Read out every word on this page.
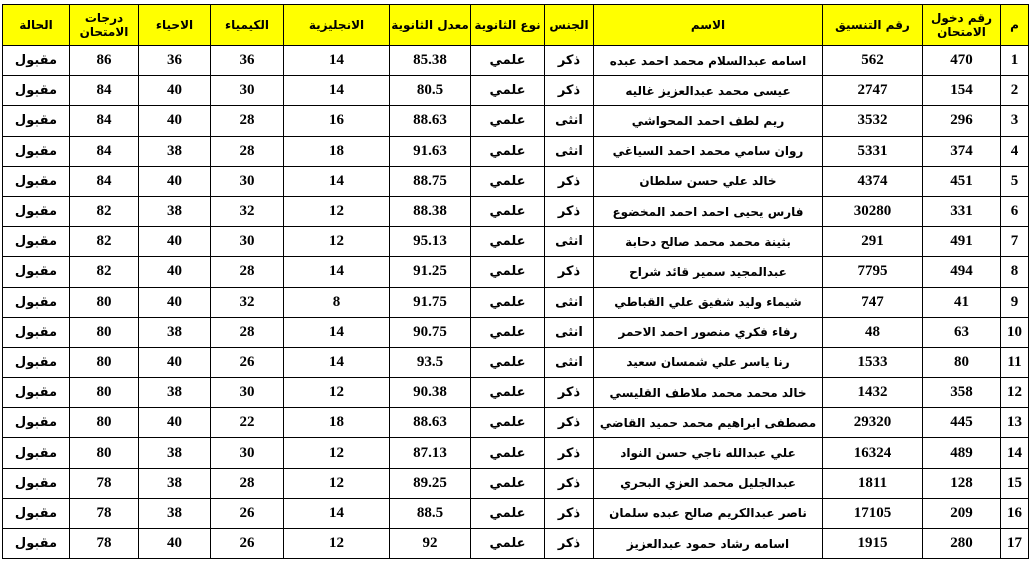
م	رقم دخول الامتحان	رقم التنسيق	الاسم	الجنس	نوع الثانوية	معدل الثانوية	الانجليزية	الكيمياء	الاحياء	درجات الامتحان	الحالة
1	470	562	اسامه عبدالسلام محمد احمد عبده	ذكر	علمي	85.38	14	36	36	86	مقبول
2	154	2747	عيسى محمد عبدالعزيز غاليه	ذكر	علمي	80.5	14	30	40	84	مقبول
3	296	3532	ريم لطف احمد المحواشي	انثى	علمي	88.63	16	28	40	84	مقبول
4	374	5331	روان سامي محمد احمد السياغي	انثى	علمي	91.63	18	28	38	84	مقبول
5	451	4374	خالد علي حسن سلطان	ذكر	علمي	88.75	14	30	40	84	مقبول
6	331	30280	فارس يحيى احمد احمد المخضوع	ذكر	علمي	88.38	12	32	38	82	مقبول
7	491	291	بثينة محمد محمد صالح دحابة	انثى	علمي	95.13	12	30	40	82	مقبول
8	494	7795	عبدالمجيد سمير قائد شراح	ذكر	علمي	91.25	14	28	40	82	مقبول
9	41	747	شيماء وليد شفيق علي القباطي	انثى	علمي	91.75	8	32	40	80	مقبول
10	63	48	رفاء فكري منصور احمد الاحمر	انثى	علمي	90.75	14	28	38	80	مقبول
11	80	1533	رنا ياسر علي شمسان سعيد	انثى	علمي	93.5	14	26	40	80	مقبول
12	358	1432	خالد محمد محمد ملاطف القليسي	ذكر	علمي	90.38	12	30	38	80	مقبول
13	445	29320	مصطفى ابراهيم محمد حميد القاضي	ذكر	علمي	88.63	18	22	40	80	مقبول
14	489	16324	علي عبدالله ناجي حسن النواد	ذكر	علمي	87.13	12	30	38	80	مقبول
15	128	1811	عبدالجليل محمد العزي البحري	ذكر	علمي	89.25	12	28	38	78	مقبول
16	209	17105	ناصر عبدالكريم صالح عبده سلمان	ذكر	علمي	88.5	14	26	38	78	مقبول
17	280	1915	اسامه رشاد حمود عبدالعزيز	ذكر	علمي	92	12	26	40	78	مقبول
